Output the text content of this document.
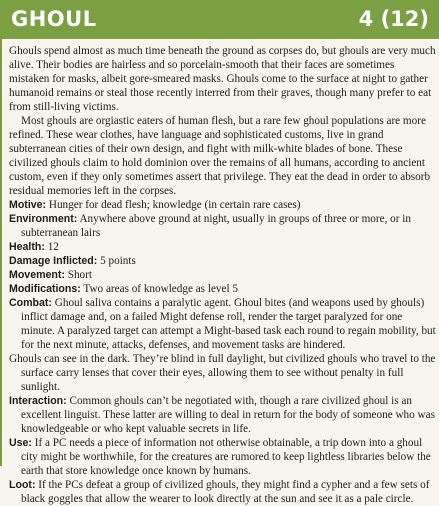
GHOUL	4 (12)

Ghouls spend almost as much time beneath the ground as corpses do, but ghouls are very much alive. Their bodies are hairless and so porcelain-smooth that their faces are sometimes mistaken for masks, albeit gore-smeared masks. Ghouls come to the surface at night to gather humanoid remains or steal those recently interred from their graves, though many prefer to eat from still-living victims.

Most ghouls are orgiastic eaters of human flesh, but a rare few ghoul populations are more refined. These wear clothes, have language and sophisticated customs, live in grand subterranean cities of their own design, and fight with milk-white blades of bone. These civilized ghouls claim to hold dominion over the remains of all humans, according to ancient custom, even if they only sometimes assert that privilege. They eat the dead in order to absorb residual memories left in the corpses.

Motive: Hunger for dead flesh; knowledge (in certain rare cases)

Environment: Anywhere above ground at night, usually in groups of three or more, or in subterranean lairs

Health: 12

Damage Inflicted: 5 points

Movement: Short

Modifications: Two areas of knowledge as level 5

Combat: Ghoul saliva contains a paralytic agent. Ghoul bites (and weapons used by ghouls) inflict damage and, on a failed Might defense roll, render the target paralyzed for one minute. A paralyzed target can attempt a Might-based task each round to regain mobility, but for the next minute, attacks, defenses, and movement tasks are hindered.

Ghouls can see in the dark. They’re blind in full daylight, but civilized ghouls who travel to the surface carry lenses that cover their eyes, allowing them to see without penalty in full sunlight.

Interaction: Common ghouls can’t be negotiated with, though a rare civilized ghoul is an excellent linguist. These latter are willing to deal in return for the body of someone who was knowledgeable or who kept valuable secrets in life.

Use: If a PC needs a piece of information not otherwise obtainable, a trip down into a ghoul city might be worthwhile, for the creatures are rumored to keep lightless libraries below the earth that store knowledge once known by humans.

Loot: If the PCs defeat a group of civilized ghouls, they might find a cypher and a few sets of black goggles that allow the wearer to look directly at the sun and see it as a pale circle.
